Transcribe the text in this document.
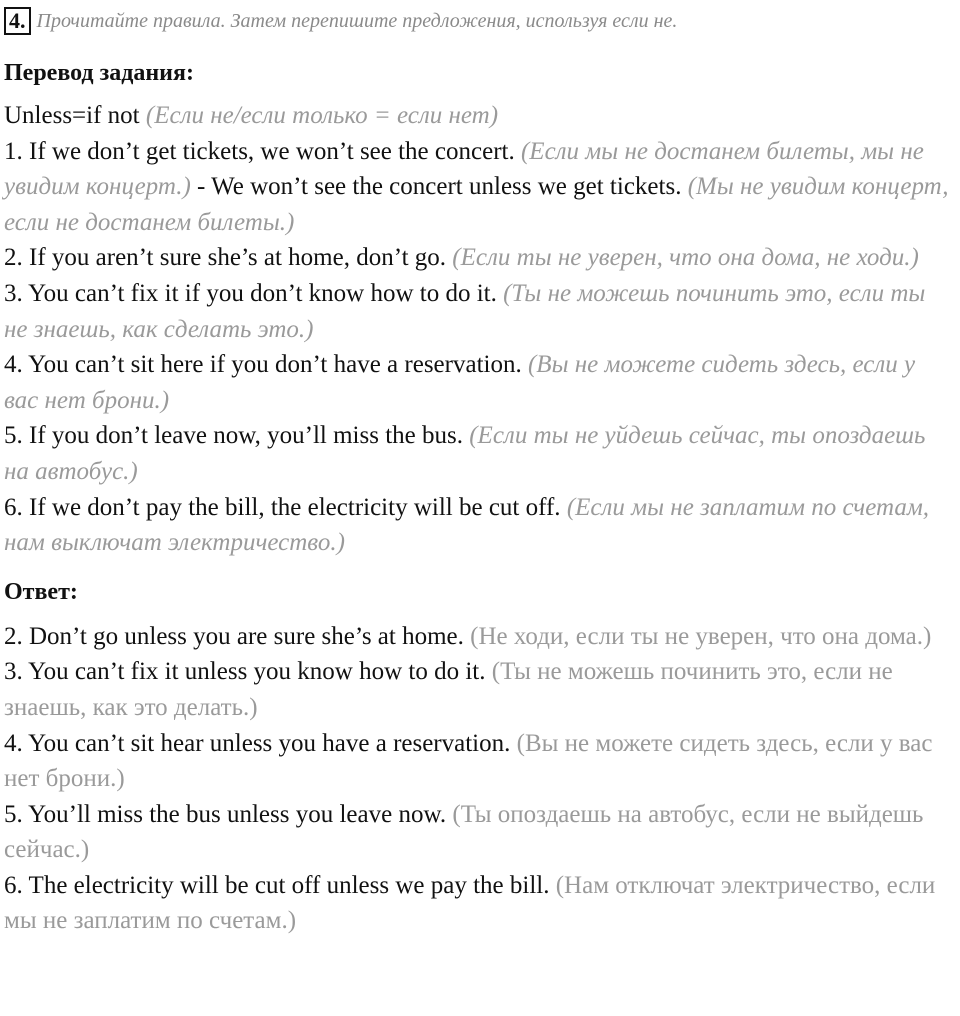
4. Прочитайте правила. Затем перепишите предложения, используя если не.
Перевод задания:
Unless=if not (Если не/если только = если нет)
1. If we don’t get tickets, we won’t see the concert. (Если мы не достанем билеты, мы не увидим концерт.) - We won’t see the concert unless we get tickets. (Мы не увидим концерт, если не достанем билеты.)
2. If you aren’t sure she’s at home, don’t go. (Если ты не уверен, что она дома, не ходи.)
3. You can’t fix it if you don’t know how to do it. (Ты не можешь починить это, если ты не знаешь, как сделать это.)
4. You can’t sit here if you don’t have a reservation. (Вы не можете сидеть здесь, если у вас нет брони.)
5. If you don’t leave now, you’ll miss the bus. (Если ты не уйдешь сейчас, ты опоздаешь на автобус.)
6. If we don’t pay the bill, the electricity will be cut off. (Если мы не заплатим по счетам, нам выключат электричество.)
Ответ:
2. Don’t go unless you are sure she’s at home. (Не ходи, если ты не уверен, что она дома.)
3. You can’t fix it unless you know how to do it. (Ты не можешь починить это, если не знаешь, как это делать.)
4. You can’t sit hear unless you have a reservation. (Вы не можете сидеть здесь, если у вас нет брони.)
5. You’ll miss the bus unless you leave now. (Ты опоздаешь на автобус, если не выйдешь сейчас.)
6. The electricity will be cut off unless we pay the bill. (Нам отключат электричество, если мы не заплатим по счетам.)
